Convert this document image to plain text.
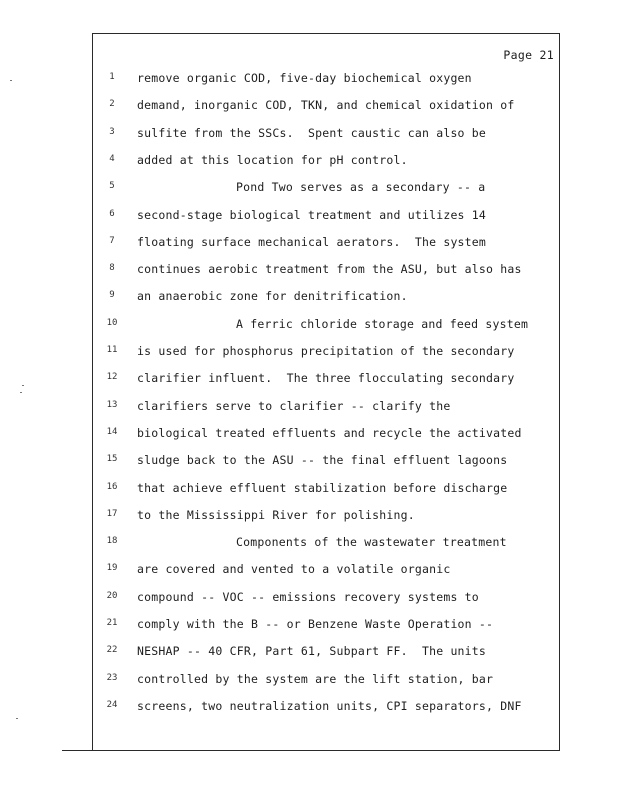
Page 21
1	remove organic COD, five-day biochemical oxygen
2	demand, inorganic COD, TKN, and chemical oxidation of
3	sulfite from the SSCs.  Spent caustic can also be
4	added at this location for pH control.
5	Pond Two serves as a secondary -- a
6	second-stage biological treatment and utilizes 14
7	floating surface mechanical aerators.  The system
8	continues aerobic treatment from the ASU, but also has
9	an anaerobic zone for denitrification.
10	A ferric chloride storage and feed system
11 is used for phosphorus precipitation of the secondary
12 clarifier influent.  The three flocculating secondary
13 clarifiers serve to clarifier -- clarify the
14 biological treated effluents and recycle the activated
15 sludge back to the ASU -- the final effluent lagoons
16 that achieve effluent stabilization before discharge
17 to the Mississippi River for polishing.
18	Components of the wastewater treatment
19 are covered and vented to a volatile organic
20 compound -- VOC -- emissions recovery systems to
21 comply with the B -- or Benzene Waste Operation --
22 NESHAP -- 40 CFR, Part 61, Subpart FF.  The units
23 controlled by the system are the lift station, bar
24 screens, two neutralization units, CPI separators, DNF
